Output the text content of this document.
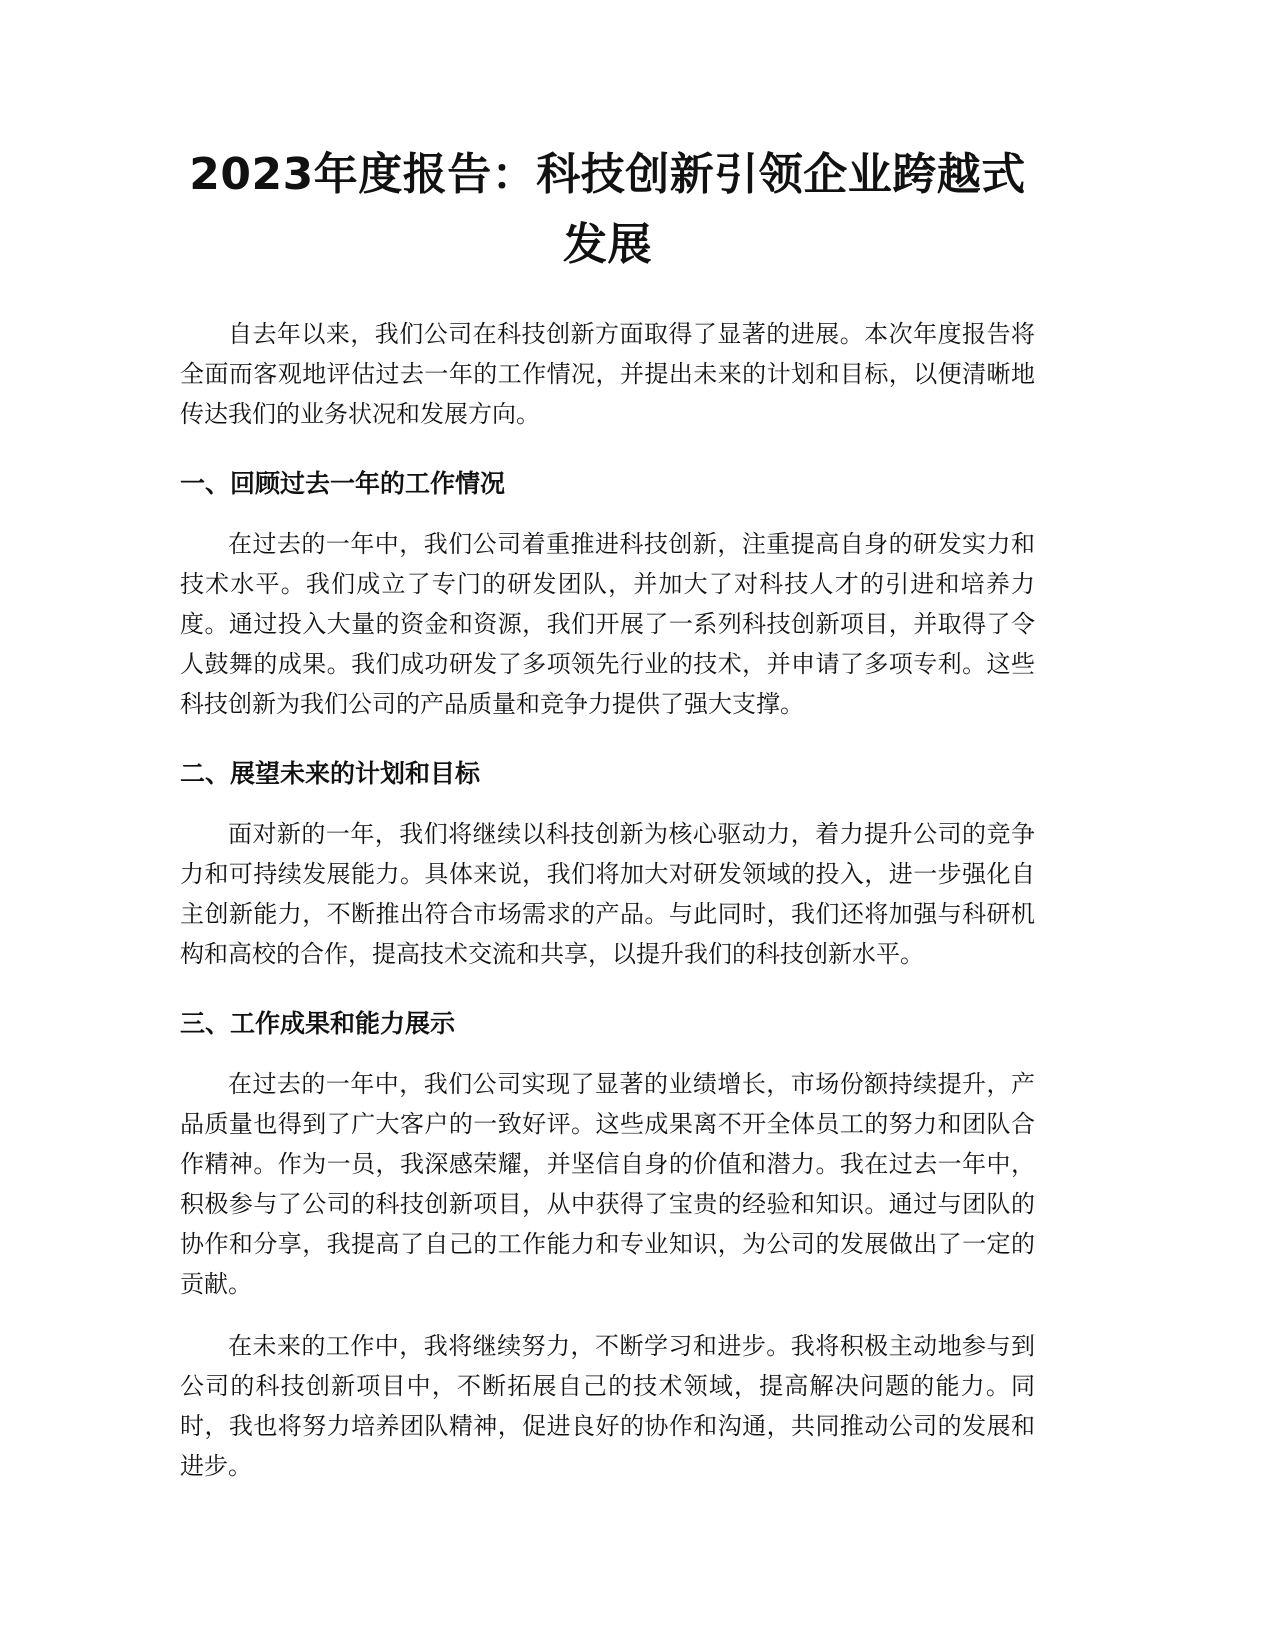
2023年度报告：科技创新引领企业跨越式发展

自去年以来，我们公司在科技创新方面取得了显著的进展。本次年度报告将全面而客观地评估过去一年的工作情况，并提出未来的计划和目标，以便清晰地传达我们的业务状况和发展方向。

一、回顾过去一年的工作情况

在过去的一年中，我们公司着重推进科技创新，注重提高自身的研发实力和技术水平。我们成立了专门的研发团队，并加大了对科技人才的引进和培养力度。通过投入大量的资金和资源，我们开展了一系列科技创新项目，并取得了令人鼓舞的成果。我们成功研发了多项领先行业的技术，并申请了多项专利。这些科技创新为我们公司的产品质量和竞争力提供了强大支撑。

二、展望未来的计划和目标

面对新的一年，我们将继续以科技创新为核心驱动力，着力提升公司的竞争力和可持续发展能力。具体来说，我们将加大对研发领域的投入，进一步强化自主创新能力，不断推出符合市场需求的产品。与此同时，我们还将加强与科研机构和高校的合作，提高技术交流和共享，以提升我们的科技创新水平。

三、工作成果和能力展示

在过去的一年中，我们公司实现了显著的业绩增长，市场份额持续提升，产品质量也得到了广大客户的一致好评。这些成果离不开全体员工的努力和团队合作精神。作为一员，我深感荣耀，并坚信自身的价值和潜力。我在过去一年中，积极参与了公司的科技创新项目，从中获得了宝贵的经验和知识。通过与团队的协作和分享，我提高了自己的工作能力和专业知识，为公司的发展做出了一定的贡献。

在未来的工作中，我将继续努力，不断学习和进步。我将积极主动地参与到公司的科技创新项目中，不断拓展自己的技术领域，提高解决问题的能力。同时，我也将努力培养团队精神，促进良好的协作和沟通，共同推动公司的发展和进步。
